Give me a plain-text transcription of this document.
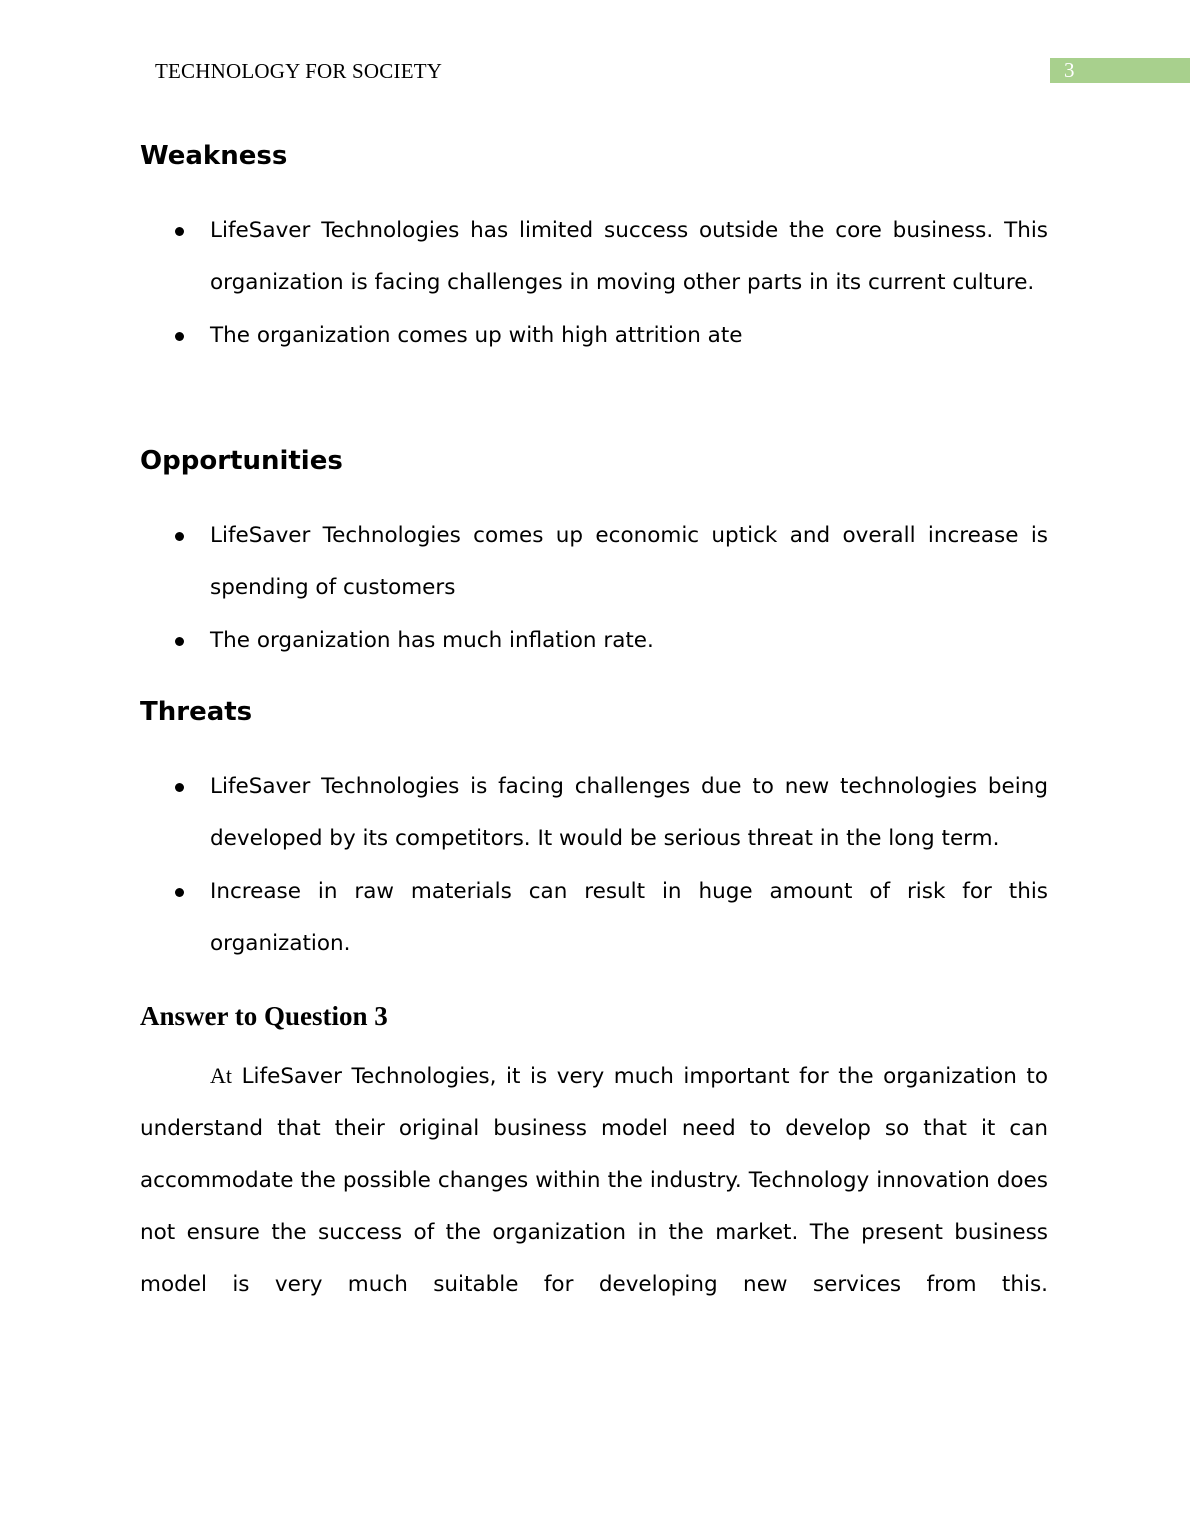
TECHNOLOGY FOR SOCIETY	3
Weakness
LifeSaver Technologies has limited success outside the core business. This organization is facing challenges in moving other parts in its current culture.
The organization comes up with high attrition ate
Opportunities
LifeSaver Technologies comes up economic uptick and overall increase is spending of customers
The organization has much inflation rate.
Threats
LifeSaver Technologies is facing challenges due to new technologies being developed by its competitors. It would be serious threat in the long term.
Increase in raw materials can result in huge amount of risk for this organization.
Answer to Question 3

At LifeSaver Technologies, it is very much important for the organization to understand that their original business model need to develop so that it can accommodate the possible changes within the industry. Technology innovation does not ensure the success of the organization in the market. The present business model is very much suitable for developing new services from this.
